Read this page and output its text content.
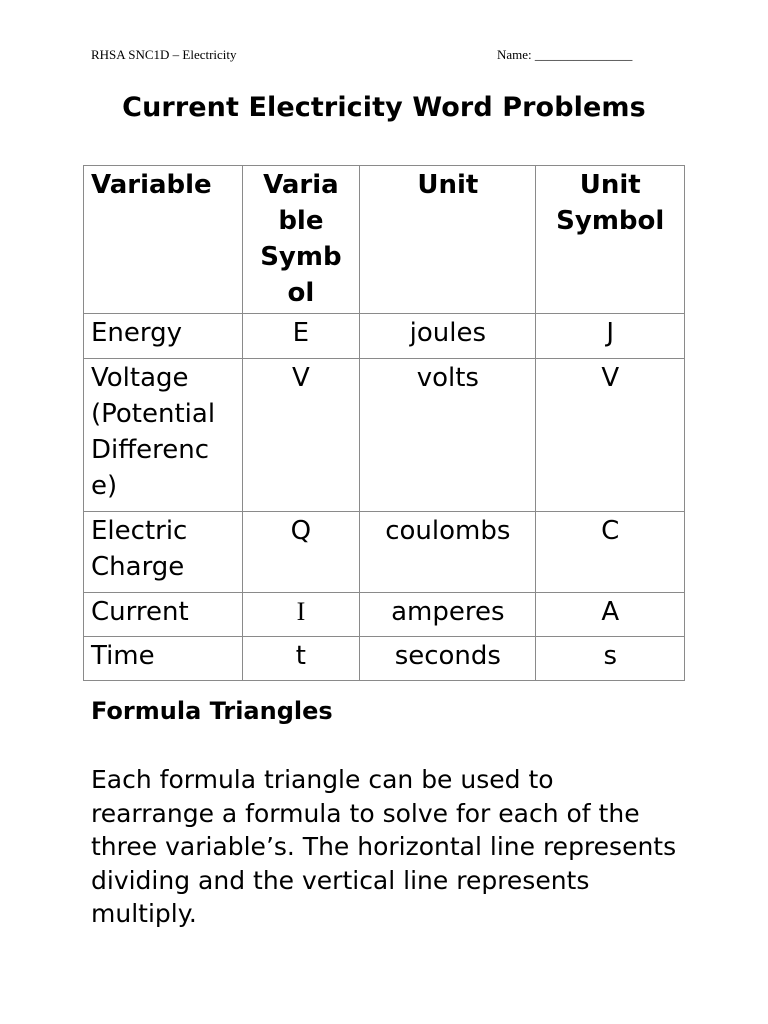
RHSA SNC1D – Electricity	Name: _______________
Current Electricity Word Problems
Variable	Varia ble Symb ol	Unit	Unit Symbol
Energy	E	joules	J
Voltage (Potential Differenc e)	V	volts	V
Electric Charge	Q	coulombs	C
Current	I	amperes	A
Time	t	seconds	s
Formula Triangles
Each formula triangle can be used to rearrange a formula to solve for each of the three variable’s. The horizontal line represents dividing and the vertical line represents multiply.
